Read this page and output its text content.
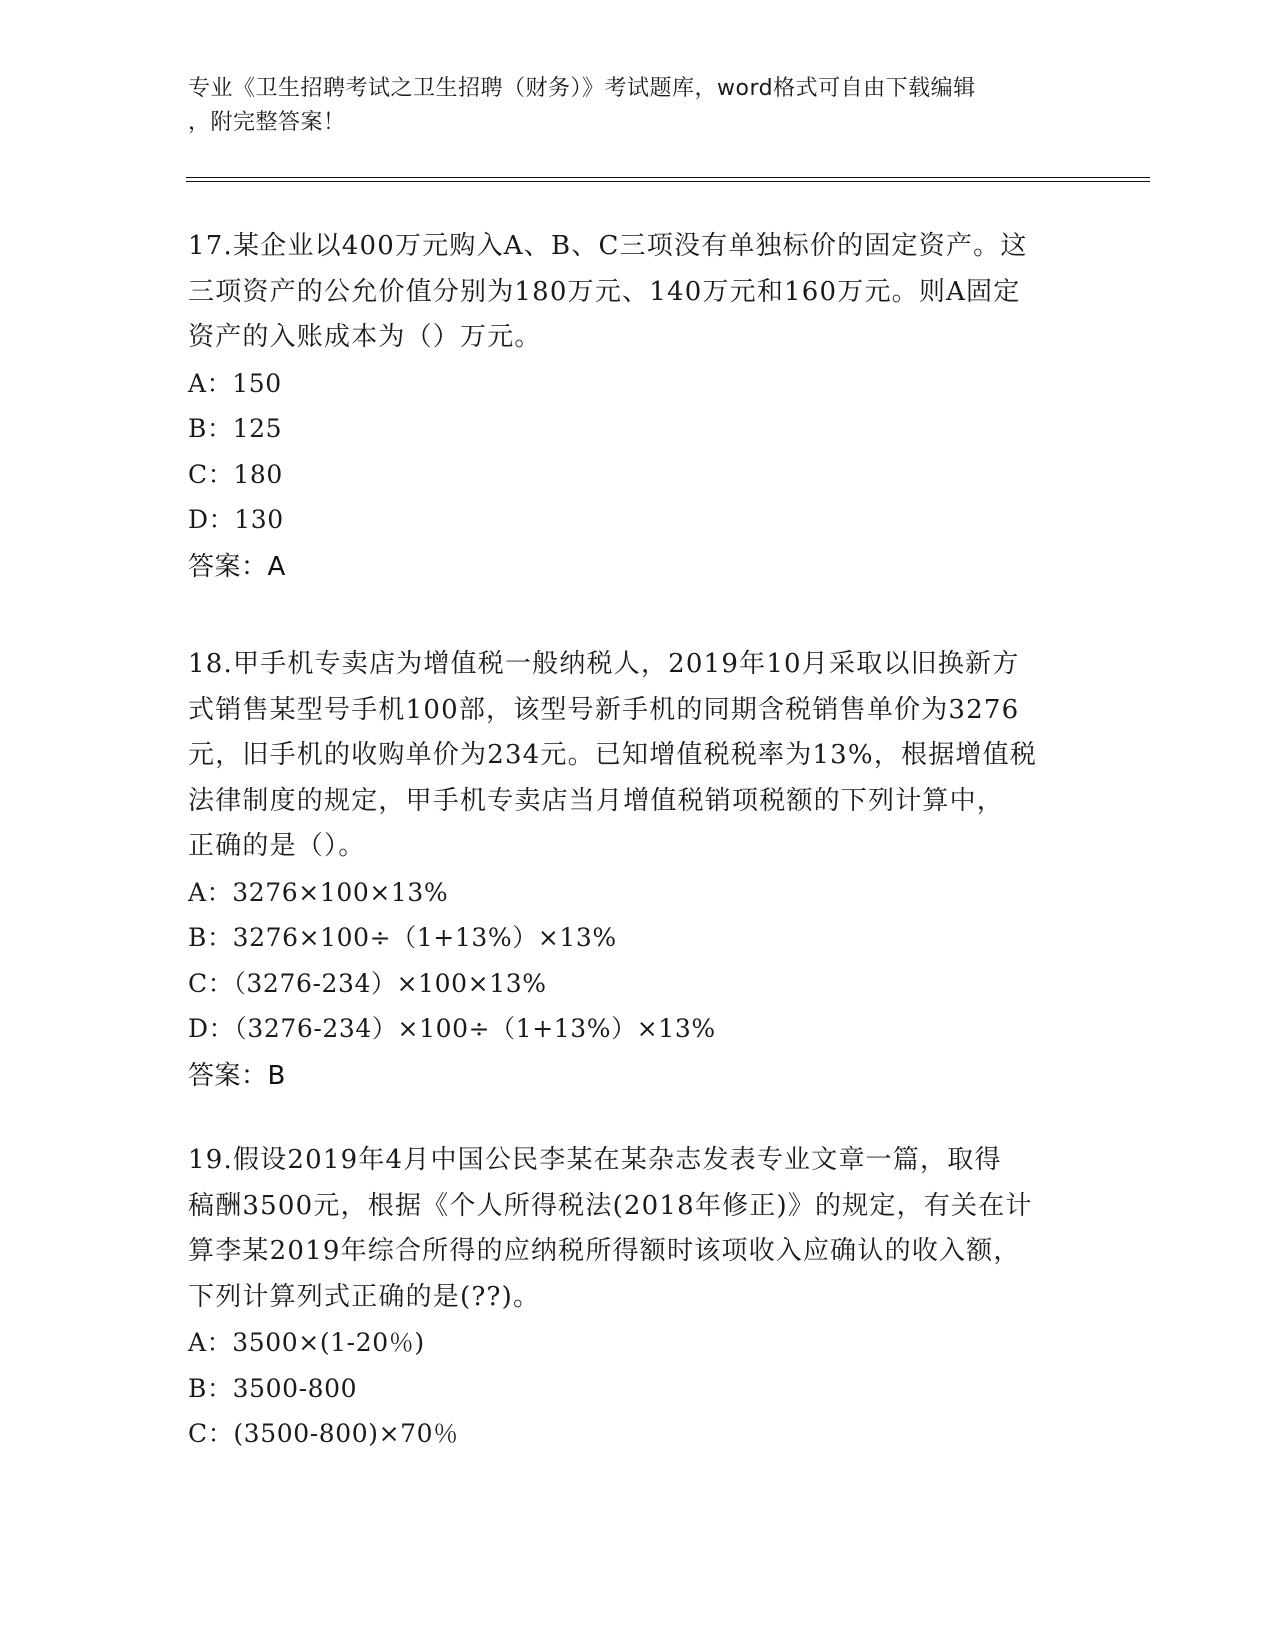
专业《卫生招聘考试之卫生招聘（财务）》考试题库，word格式可自由下载编辑
，附完整答案！
17.某企业以400万元购入A、B、C三项没有单独标价的固定资产。这
三项资产的公允价值分别为180万元、140万元和160万元。则A固定
资产的入账成本为（）万元。
A：150
B：125
C：180
D：130
答案：A
18.甲手机专卖店为增值税一般纳税人，2019年10月采取以旧换新方
式销售某型号手机100部，该型号新手机的同期含税销售单价为3276
元，旧手机的收购单价为234元。已知增值税税率为13%，根据增值税
法律制度的规定，甲手机专卖店当月增值税销项税额的下列计算中，
正确的是（）。
A：3276×100×13%
B：3276×100÷（1+13%）×13%
C：（3276-234）×100×13%
D：（3276-234）×100÷（1+13%）×13%
答案：B
19.假设2019年4月中国公民李某在某杂志发表专业文章一篇，取得
稿酬3500元，根据《个人所得税法(2018年修正)》的规定，有关在计
算李某2019年综合所得的应纳税所得额时该项收入应确认的收入额，
下列计算列式正确的是(??)。
A：3500×(1-20％)
B：3500-800
C：(3500-800)×70％
